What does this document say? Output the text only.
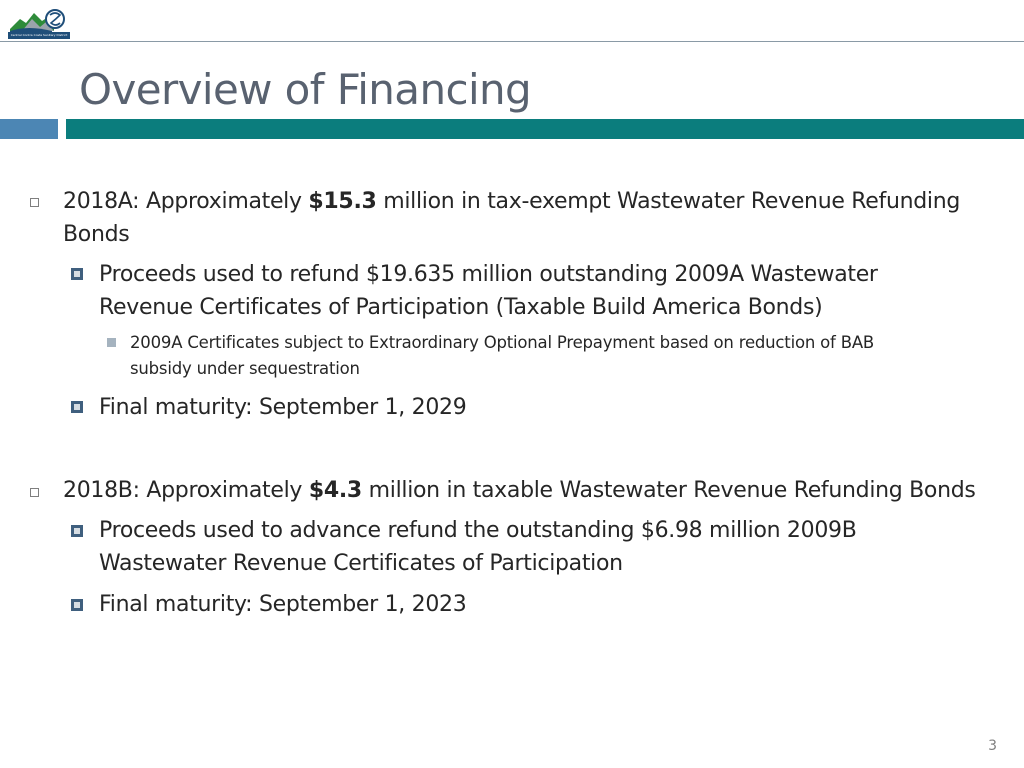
Central Contra Costa Sanitary District
Overview of Financing
2018A: Approximately $15.3 million in tax-exempt Wastewater Revenue Refunding
Bonds
Proceeds used to refund $19.635 million outstanding 2009A Wastewater
Revenue Certificates of Participation (Taxable Build America Bonds)
2009A Certificates subject to Extraordinary Optional Prepayment based on reduction of BAB
subsidy under sequestration
Final maturity: September 1, 2029
2018B: Approximately $4.3 million in taxable Wastewater Revenue Refunding Bonds
Proceeds used to advance refund the outstanding $6.98 million 2009B
Wastewater Revenue Certificates of Participation
Final maturity: September 1, 2023
3
